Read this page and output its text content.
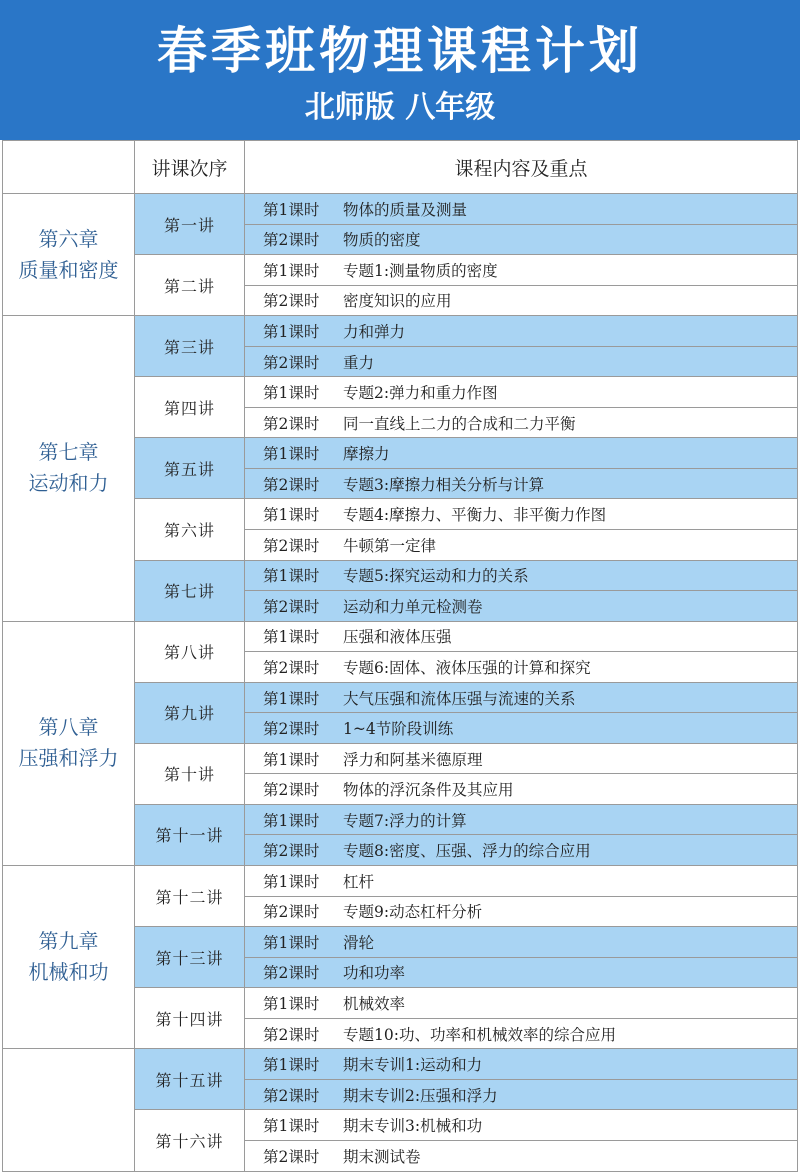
春季班物理课程计划
北师版 八年级
	讲课次序	课程内容及重点

第六章
质量和密度	第一讲	第1课时 物体的质量及测量
		第2课时 物质的密度
	第二讲	第1课时 专题1:测量物质的密度
		第2课时 密度知识的应用

第七章
运动和力	第三讲	第1课时 力和弹力
		第2课时 重力
	第四讲	第1课时 专题2:弹力和重力作图
		第2课时 同一直线上二力的合成和二力平衡
	第五讲	第1课时 摩擦力
		第2课时 专题3:摩擦力相关分析与计算
	第六讲	第1课时 专题4:摩擦力、平衡力、非平衡力作图
		第2课时 牛顿第一定律
	第七讲	第1课时 专题5:探究运动和力的关系
		第2课时 运动和力单元检测卷

第八章
压强和浮力	第八讲	第1课时 压强和液体压强
		第2课时 专题6:固体、液体压强的计算和探究
	第九讲	第1课时 大气压强和流体压强与流速的关系
		第2课时 1~4节阶段训练
	第十讲	第1课时 浮力和阿基米德原理
		第2课时 物体的浮沉条件及其应用
	第十一讲	第1课时 专题7:浮力的计算
		第2课时 专题8:密度、压强、浮力的综合应用

第九章
机械和功	第十二讲	第1课时 杠杆
		第2课时 专题9:动态杠杆分析
	第十三讲	第1课时 滑轮
		第2课时 功和功率
	第十四讲	第1课时 机械效率
		第2课时 专题10:功、功率和机械效率的综合应用

	第十五讲	第1课时 期末专训1:运动和力
		第2课时 期末专训2:压强和浮力
	第十六讲	第1课时 期末专训3:机械和功
		第2课时 期末测试卷
